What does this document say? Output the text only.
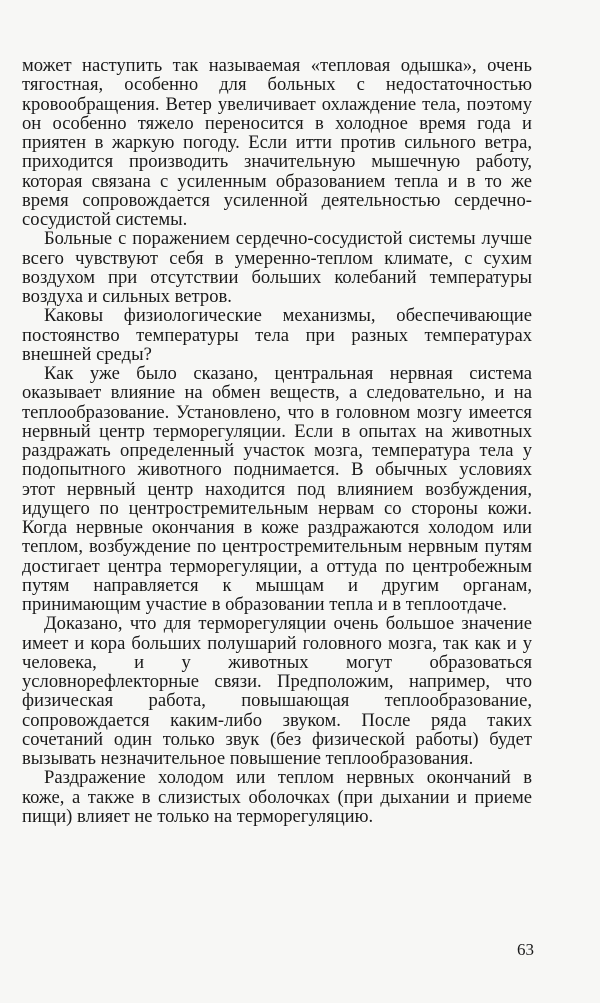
может наступить так называемая «тепловая одышка», очень тягостная, особенно для больных с недостаточностью кровообращения. Ветер увеличивает охлаждение тела, поэтому он особенно тяжело переносится в холодное время года и приятен в жаркую погоду. Если итти против сильного ветра, приходится производить значительную мышечную работу, которая связана с усиленным образованием тепла и в то же время сопровождается усиленной деятельностью сердечно-сосудистой системы.

Больные с поражением сердечно-сосудистой системы лучше всего чувствуют себя в умеренно-теплом климате, с сухим воздухом при отсутствии больших колебаний температуры воздуха и сильных ветров.

Каковы физиологические механизмы, обеспечивающие постоянство температуры тела при разных температурах внешней среды?

Как уже было сказано, центральная нервная система оказывает влияние на обмен веществ, а следовательно, и на теплообразование. Установлено, что в головном мозгу имеется нервный центр терморегуляции. Если в опытах на животных раздражать определенный участок мозга, температура тела у подопытного животного поднимается. В обычных условиях этот нервный центр находится под влиянием возбуждения, идущего по центростремительным нервам со стороны кожи. Когда нервные окончания в коже раздражаются холодом или теплом, возбуждение по центростремительным нервным путям достигает центра терморегуляции, а оттуда по центробежным путям направляется к мышцам и другим органам, принимающим участие в образовании тепла и в теплоотдаче.

Доказано, что для терморегуляции очень большое значение имеет и кора больших полушарий головного мозга, так как и у человека, и у животных могут образоваться условнорефлекторные связи. Предположим, например, что физическая работа, повышающая теплообразование, сопровождается каким-либо звуком. После ряда таких сочетаний один только звук (без физической работы) будет вызывать незначительное повышение теплообразования.

Раздражение холодом или теплом нервных окончаний в коже, а также в слизистых оболочках (при дыхании и приеме пищи) влияет не только на терморегуляцию.

63
